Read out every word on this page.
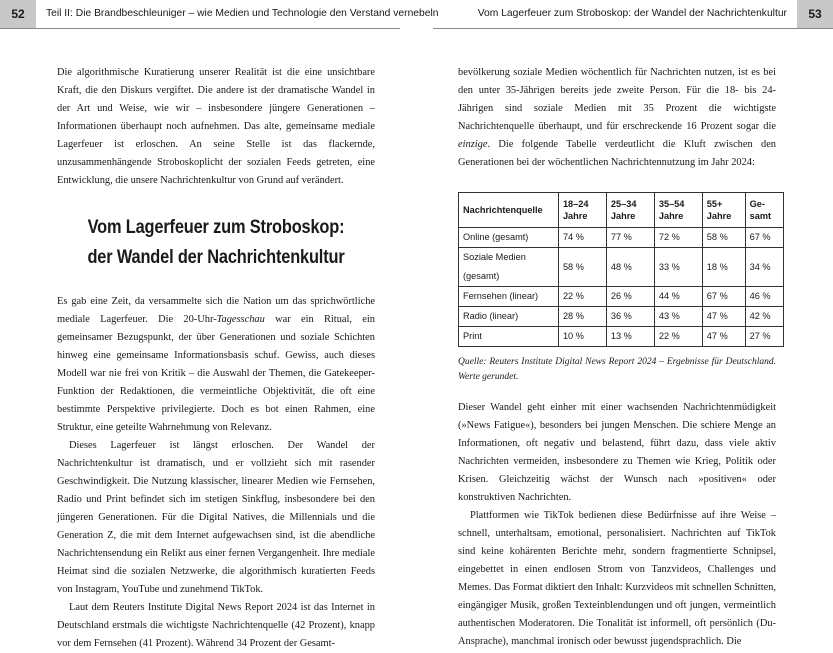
52	Teil II: Die Brandbeschleuniger – wie Medien und Technologie den Verstand vernebeln	Vom Lagerfeuer zum Stroboskop: der Wandel der Nachrichtenkultur	53

Die algorithmische Kuratierung unserer Realität ist die eine unsichtbare Kraft, die den Diskurs vergiftet. Die andere ist der dramatische Wandel in der Art und Weise, wie wir – insbesondere jüngere Generationen – Informationen überhaupt noch aufnehmen. Das alte, gemeinsame mediale Lagerfeuer ist erloschen. An seine Stelle ist das flackernde, unzusammenhängende Stroboskoplicht der sozialen Feeds getreten, eine Entwicklung, die unsere Nachrichtenkultur von Grund auf verändert.

Vom Lagerfeuer zum Stroboskop:
der Wandel der Nachrichtenkultur

Es gab eine Zeit, da versammelte sich die Nation um das sprichwörtliche mediale Lagerfeuer. Die 20-Uhr-Tagesschau war ein Ritual, ein gemeinsamer Bezugspunkt, der über Generationen und soziale Schichten hinweg eine gemeinsame Informationsbasis schuf. Gewiss, auch dieses Modell war nie frei von Kritik – die Auswahl der Themen, die Gatekeeper-Funktion der Redaktionen, die vermeintliche Objektivität, die oft eine bestimmte Perspektive privilegierte. Doch es bot einen Rahmen, eine Struktur, eine geteilte Wahrnehmung von Relevanz.

Dieses Lagerfeuer ist längst erloschen. Der Wandel der Nachrichtenkultur ist dramatisch, und er vollzieht sich mit rasender Geschwindigkeit. Die Nutzung klassischer, linearer Medien wie Fernsehen, Radio und Print befindet sich im stetigen Sinkflug, insbesondere bei den jüngeren Generationen. Für die Digital Natives, die Millennials und die Generation Z, die mit dem Internet aufgewachsen sind, ist die abendliche Nachrichtensendung ein Relikt aus einer fernen Vergangenheit. Ihre mediale Heimat sind die sozialen Netzwerke, die algorithmisch kuratierten Feeds von Instagram, YouTube und zunehmend TikTok.

Laut dem Reuters Institute Digital News Report 2024 ist das Internet in Deutschland erstmals die wichtigste Nachrichtenquelle (42 Prozent), knapp vor dem Fernsehen (41 Prozent). Während 34 Prozent der Gesamt-

bevölkerung soziale Medien wöchentlich für Nachrichten nutzen, ist es bei den unter 35-Jährigen bereits jede zweite Person. Für die 18- bis 24-Jährigen sind soziale Medien mit 35 Prozent die wichtigste Nachrichtenquelle überhaupt, und für erschreckende 16 Prozent sogar die einzige. Die folgende Tabelle verdeutlicht die Kluft zwischen den Generationen bei der wöchentlichen Nachrichtennutzung im Jahr 2024:

Nachrichtenquelle	18–24 Jahre	25–34 Jahre	35–54 Jahre	55+ Jahre	Ge-samt
Online (gesamt)	74 %	77 %	72 %	58 %	67 %
Soziale Medien (gesamt)	58 %	48 %	33 %	18 %	34 %
Fernsehen (linear)	22 %	26 %	44 %	67 %	46 %
Radio (linear)	28 %	36 %	43 %	47 %	42 %
Print	10 %	13 %	22 %	47 %	27 %

Quelle: Reuters Institute Digital News Report 2024 – Ergebnisse für Deutschland. Werte gerundet.

Dieser Wandel geht einher mit einer wachsenden Nachrichtenmüdigkeit (»News Fatigue«), besonders bei jungen Menschen. Die schiere Menge an Informationen, oft negativ und belastend, führt dazu, dass viele aktiv Nachrichten vermeiden, insbesondere zu Themen wie Krieg, Politik oder Krisen. Gleichzeitig wächst der Wunsch nach »positiven« oder konstruktiven Nachrichten.

Plattformen wie TikTok bedienen diese Bedürfnisse auf ihre Weise – schnell, unterhaltsam, emotional, personalisiert. Nachrichten auf TikTok sind keine kohärenten Berichte mehr, sondern fragmentierte Schnipsel, eingebettet in einen endlosen Strom von Tanzvideos, Challenges und Memes. Das Format diktiert den Inhalt: Kurzvideos mit schnellen Schnitten, eingängiger Musik, großen Texteinblendungen und oft jungen, vermeintlich authentischen Moderatoren. Die Tonalität ist informell, oft persönlich (Du-Ansprache), manchmal ironisch oder bewusst jugendsprachlich. Die
